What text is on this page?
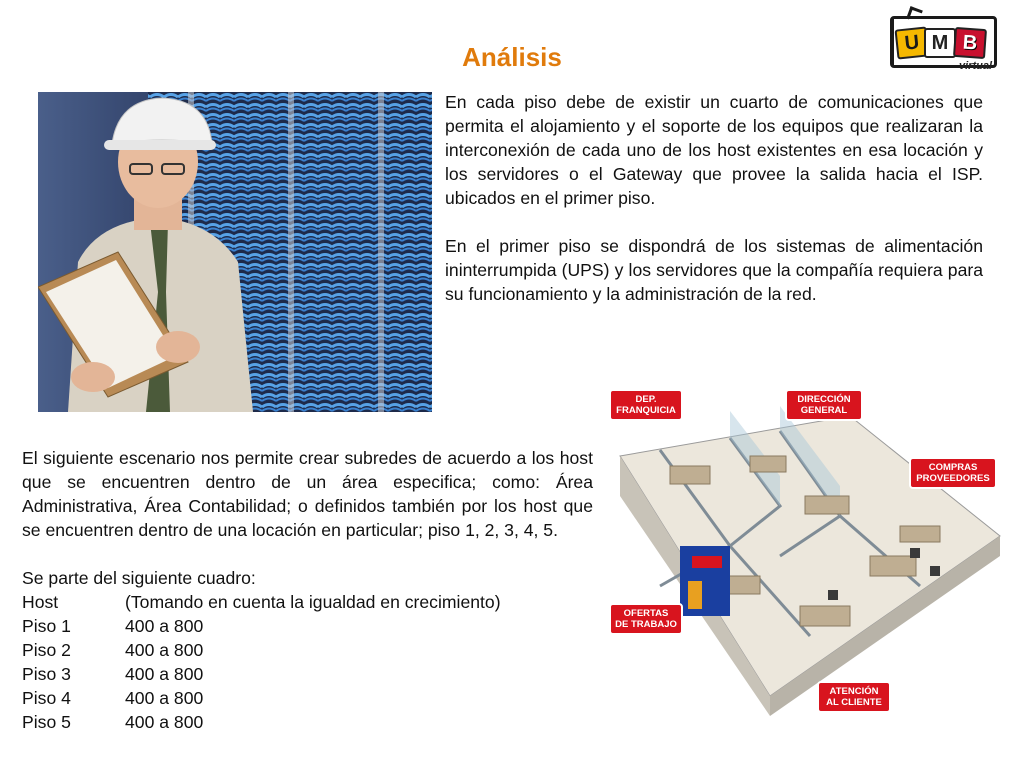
U M B
virtual
Análisis

En cada piso debe de existir un cuarto de comunicaciones que permita el alojamiento y el soporte de los equipos que realizaran la interconexión de cada uno de los host existentes en esa locación y los servidores o el Gateway que provee la salida hacia el ISP. ubicados en el primer piso.

En el primer piso se dispondrá de los sistemas de alimentación ininterrumpida (UPS) y los servidores que la compañía requiera para su funcionamiento y la administración de la red.

DEP.
FRANQUICIA
DIRECCIÓN
GENERAL
COMPRAS
PROVEEDORES
OFERTAS
DE TRABAJO
ATENCIÓN
AL CLIENTE
El siguiente escenario nos permite crear subredes de acuerdo a los host que se encuentren dentro de un área especifica; como: Área Administrativa, Área Contabilidad; o definidos también por los host que se encuentren dentro de una locación en particular; piso 1, 2, 3, 4, 5.
Se parte del siguiente cuadro:
Host	(Tomando en cuenta la igualdad en crecimiento)
Piso 1	400 a 800
Piso 2	400 a 800
Piso 3	400 a 800
Piso 4	400 a 800
Piso 5	400 a 800
